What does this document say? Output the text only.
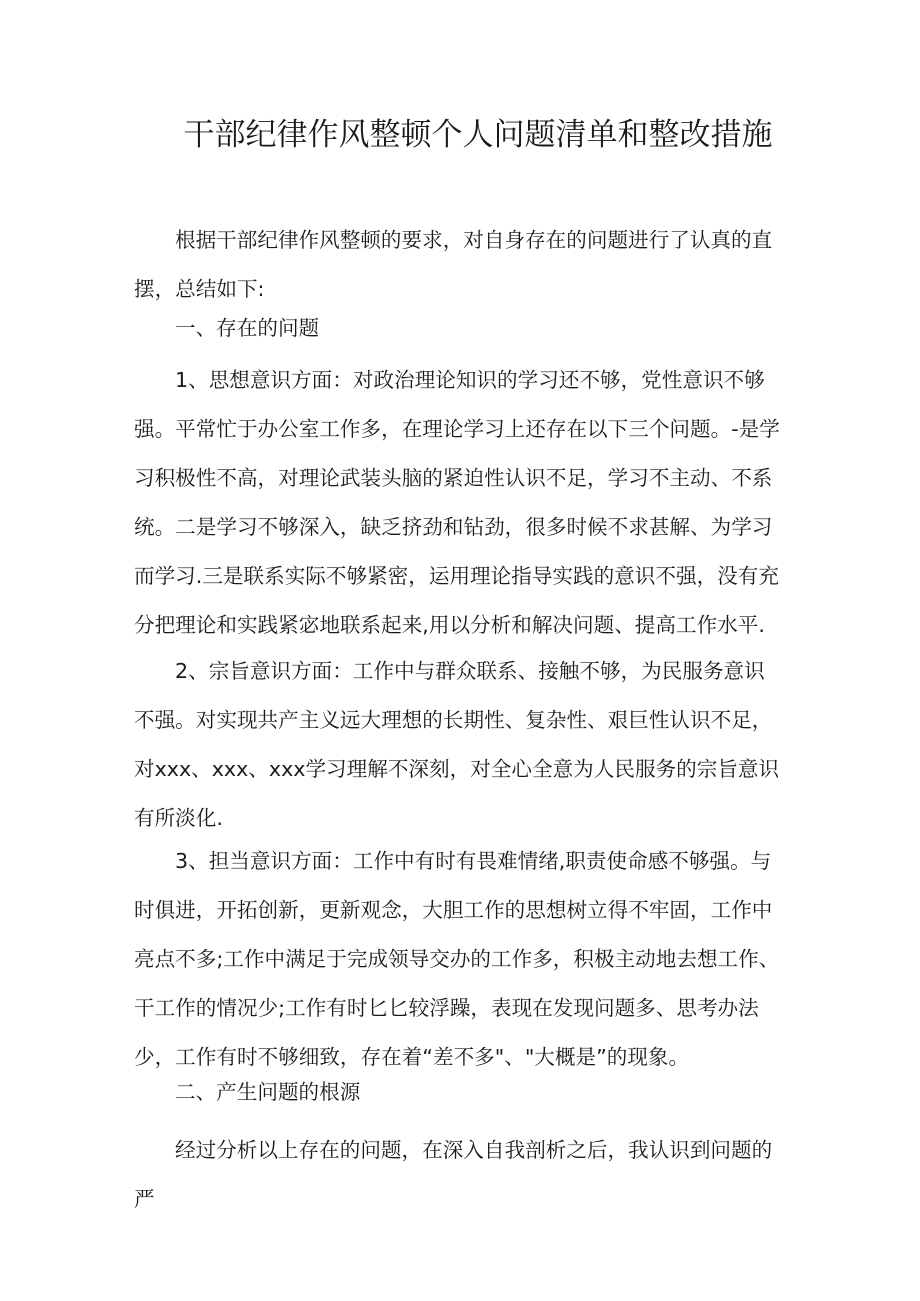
干部纪律作风整顿个人问题清单和整改措施

根据干部纪律作风整顿的要求，对自身存在的问题进行了认真的直摆，总结如下:

一、存在的问题

1、思想意识方面：对政治理论知识的学习还不够，党性意识不够强。平常忙于办公室工作多，在理论学习上还存在以下三个问题。-是学习积极性不高，对理论武装头脑的紧迫性认识不足，学习不主动、不系统。二是学习不够深入，缺乏挤劲和钻劲，很多时候不求甚解、为学习而学习.三是联系实际不够紧密，运用理论指导实践的意识不强，没有充分把理论和实践紧宓地联系起来,用以分析和解决问题、提高工作水平.

2、宗旨意识方面：工作中与群众联系、接触不够，为民服务意识不强。对实现共产主义远大理想的长期性、复杂性、艰巨性认识不足，对xxx、xxx、xxx学习理解不深刻，对全心全意为人民服务的宗旨意识有所淡化.

3、担当意识方面：工作中有时有畏难情绪,职责使命感不够强。与时俱进，开拓创新，更新观念，大胆工作的思想树立得不牢固，工作中亮点不多;工作中满足于完成领导交办的工作多，积极主动地去想工作、干工作的情况少;工作有时匕匕较浮躁，表现在发现问题多、思考办法少，工作有时不够细致，存在着“差不多"、"大概是”的现象。

二、产生问题的根源

经过分析以上存在的问题，在深入自我剖析之后，我认识到问题的严
